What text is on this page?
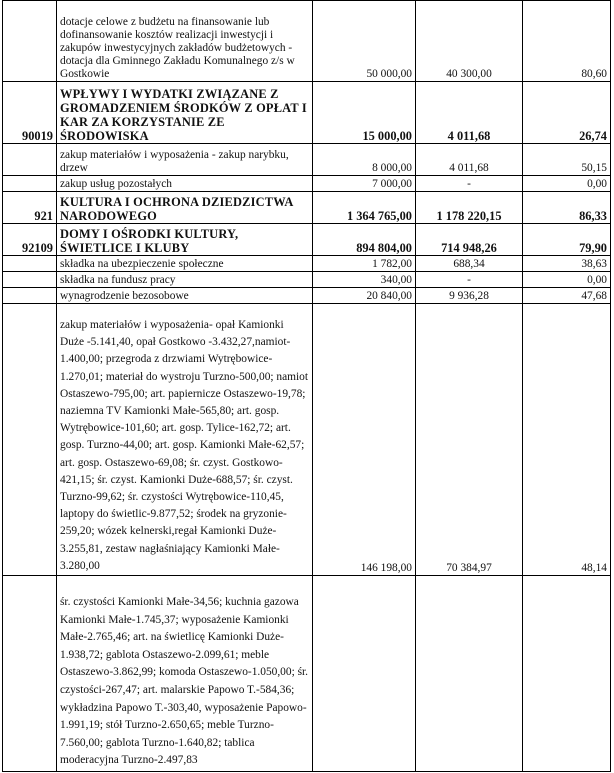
	dotacje celowe z budżetu na finansowanie lub dofinansowanie kosztów realizacji inwestycji i zakupów inwestycyjnych zakładów budżetowych - dotacja dla Gminnego Zakładu Komunalnego z/s w Gostkowie	50 000,00	40 300,00	80,60
90019	WPŁYWY I WYDATKI ZWIĄZANE Z GROMADZENIEM ŚRODKÓW Z OPŁAT I KAR ZA KORZYSTANIE ZE ŚRODOWISKA	15 000,00	4 011,68	26,74
	zakup materiałów i wyposażenia - zakup narybku, drzew	8 000,00	4 011,68	50,15
	zakup usług pozostałych	7 000,00	-	0,00
921	KULTURA I OCHRONA DZIEDZICTWA NARODOWEGO	1 364 765,00	1 178 220,15	86,33
92109	DOMY I OŚRODKI KULTURY, ŚWIETLICE I KLUBY	894 804,00	714 948,26	79,90
	składka na ubezpieczenie społeczne	1 782,00	688,34	38,63
	składka na fundusz pracy	340,00	-	0,00
	wynagrodzenie bezosobowe	20 840,00	9 936,28	47,68
	zakup materiałów i wyposażenia- opał Kamionki Duże -5.141,40, opał Gostkowo -3.432,27,namiot-1.400,00; przegroda z drzwiami Wytrębowice-1.270,01; materiał do wystroju Turzno-500,00; namiot Ostaszewo-795,00; art. papiernicze Ostaszewo-19,78; naziemna TV Kamionki Małe-565,80; art. gosp. Wytrębowice-101,60; art. gosp. Tylice-162,72; art. gosp. Turzno-44,00; art. gosp. Kamionki Małe-62,57; art. gosp. Ostaszewo-69,08; śr. czyst. Gostkowo-421,15; śr. czyst. Kamionki Duże-688,57; śr. czyst. Turzno-99,62; śr. czystości Wytrębowice-110,45, laptopy do świetlic-9.877,52; środek na gryzonie-259,20; wózek kelnerski,regał Kamionki Duże-3.255,81, zestaw nagłaśniający Kamionki Małe-3.280,00	146 198,00	70 384,97	48,14
	śr. czystości Kamionki Małe-34,56; kuchnia gazowa Kamionki Małe-1.745,37; wyposażenie Kamionki Małe-2.765,46; art. na świetlicę Kamionki Duże-1.938,72; gablota Ostaszewo-2.099,61; meble Ostaszewo-3.862,99; komoda Ostaszewo-1.050,00; śr. czystości-267,47; art. malarskie Papowo T.-584,36; wykładzina Papowo T.-303,40, wyposażenie Papowo-1.991,19; stół Turzno-2.650,65; meble Turzno-7.560,00; gablota Turzno-1.640,82; tablica moderacyjna Turzno-2.497,83			
